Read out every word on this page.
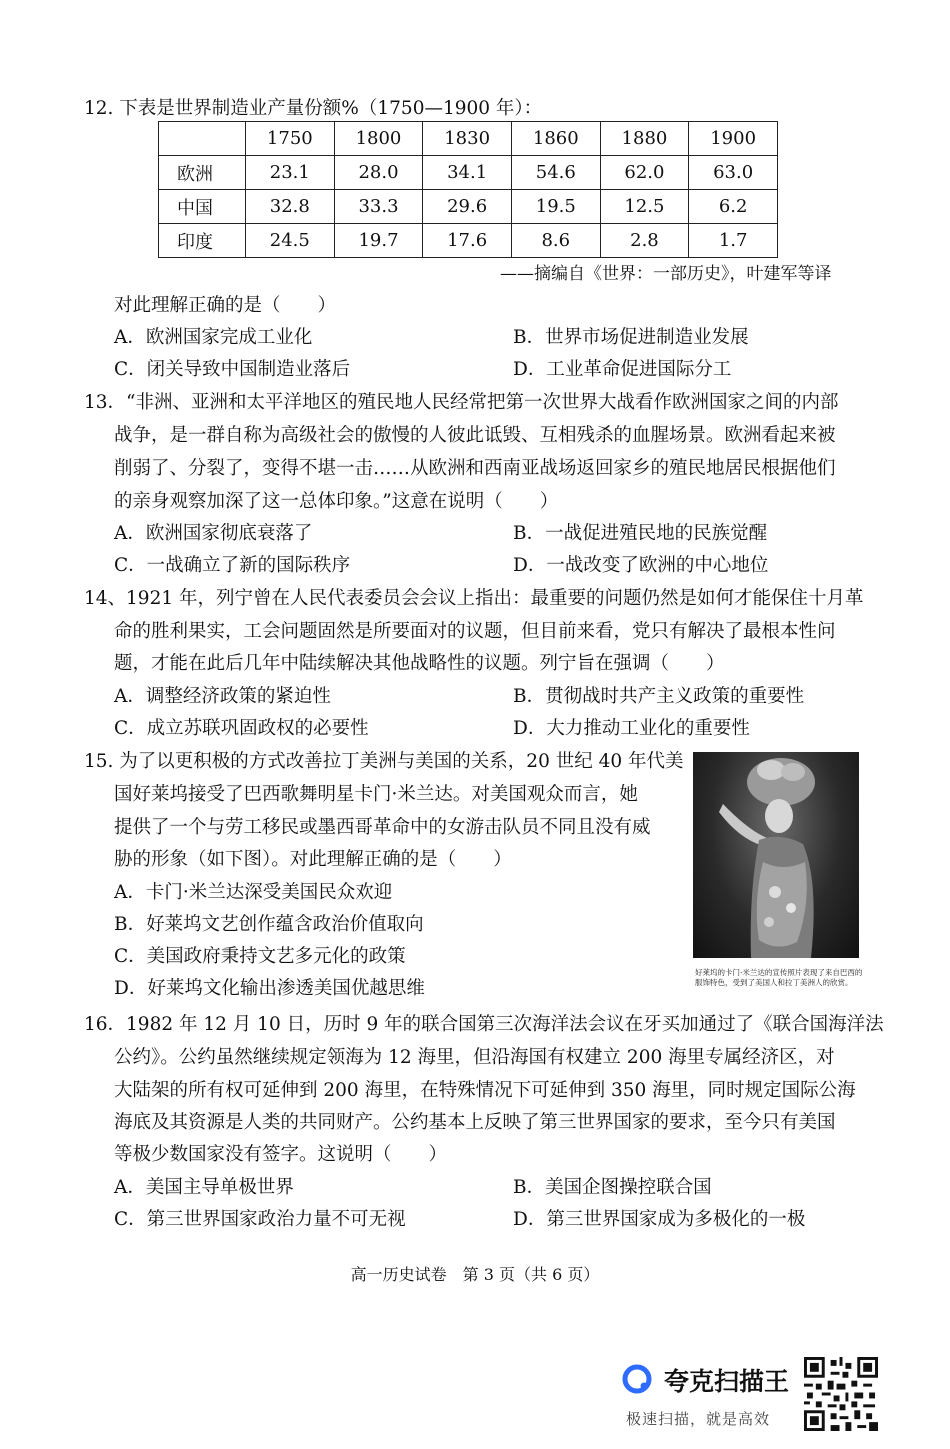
12. 下表是世界制造业产量份额%（1750—1900 年）：
	1750	1800	1830	1860	1880	1900
欧洲	23.1	28.0	34.1	54.6	62.0	63.0
中国	32.8	33.3	29.6	19.5	12.5	6.2
印度	24.5	19.7	17.6	8.6	2.8	1.7
——摘编自《世界：一部历史》，叶建军等译
对此理解正确的是（　　）
A．欧洲国家完成工业化	B．世界市场促进制造业发展
C．闭关导致中国制造业落后	D．工业革命促进国际分工
13．“非洲、亚洲和太平洋地区的殖民地人民经常把第一次世界大战看作欧洲国家之间的内部
战争，是一群自称为高级社会的傲慢的人彼此诋毁、互相残杀的血腥场景。欧洲看起来被
削弱了、分裂了，变得不堪一击……从欧洲和西南亚战场返回家乡的殖民地居民根据他们
的亲身观察加深了这一总体印象。”这意在说明（　　）
A．欧洲国家彻底衰落了	B．一战促进殖民地的民族觉醒
C．一战确立了新的国际秩序	D．一战改变了欧洲的中心地位
14、1921 年，列宁曾在人民代表委员会会议上指出：最重要的问题仍然是如何才能保住十月革
命的胜利果实，工会问题固然是所要面对的议题，但目前来看，党只有解决了最根本性问
题，才能在此后几年中陆续解决其他战略性的议题。列宁旨在强调（　　）
A．调整经济政策的紧迫性	B．贯彻战时共产主义政策的重要性
C．成立苏联巩固政权的必要性	D．大力推动工业化的重要性
15. 为了以更积极的方式改善拉丁美洲与美国的关系，20 世纪 40 年代美
国好莱坞接受了巴西歌舞明星卡门·米兰达。对美国观众而言，她
提供了一个与劳工移民或墨西哥革命中的女游击队员不同且没有威
胁的形象（如下图）。对此理解正确的是（　　）
A．卡门·米兰达深受美国民众欢迎
B．好莱坞文艺创作蕴含政治价值取向
C．美国政府秉持文艺多元化的政策
D．好莱坞文化输出渗透美国优越思维
好莱坞的卡门·米兰达的宣传照片表现了来自巴西的服饰特色，受到了美国人和拉丁美洲人的欣赏。
16．1982 年 12 月 10 日，历时 9 年的联合国第三次海洋法会议在牙买加通过了《联合国海洋法
公约》。公约虽然继续规定领海为 12 海里，但沿海国有权建立 200 海里专属经济区，对
大陆架的所有权可延伸到 200 海里，在特殊情况下可延伸到 350 海里，同时规定国际公海
海底及其资源是人类的共同财产。公约基本上反映了第三世界国家的要求，至今只有美国
等极少数国家没有签字。这说明（　　）
A．美国主导单极世界	B．美国企图操控联合国
C．第三世界国家政治力量不可无视	D．第三世界国家成为多极化的一极
高一历史试卷　第 3 页（共 6 页）
夸克扫描王
极速扫描，就是高效
